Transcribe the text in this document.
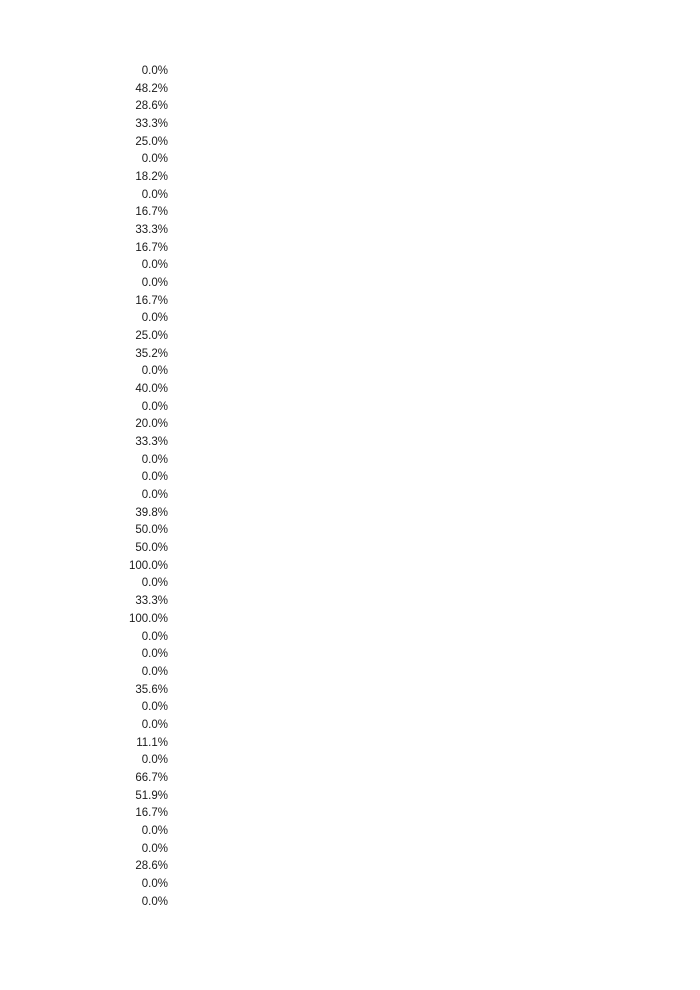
0.0%
48.2%
28.6%
33.3%
25.0%
0.0%
18.2%
0.0%
16.7%
33.3%
16.7%
0.0%
0.0%
16.7%
0.0%
25.0%
35.2%
0.0%
40.0%
0.0%
20.0%
33.3%
0.0%
0.0%
0.0%
39.8%
50.0%
50.0%
100.0%
0.0%
33.3%
100.0%
0.0%
0.0%
0.0%
35.6%
0.0%
0.0%
11.1%
0.0%
66.7%
51.9%
16.7%
0.0%
0.0%
28.6%
0.0%
0.0%
